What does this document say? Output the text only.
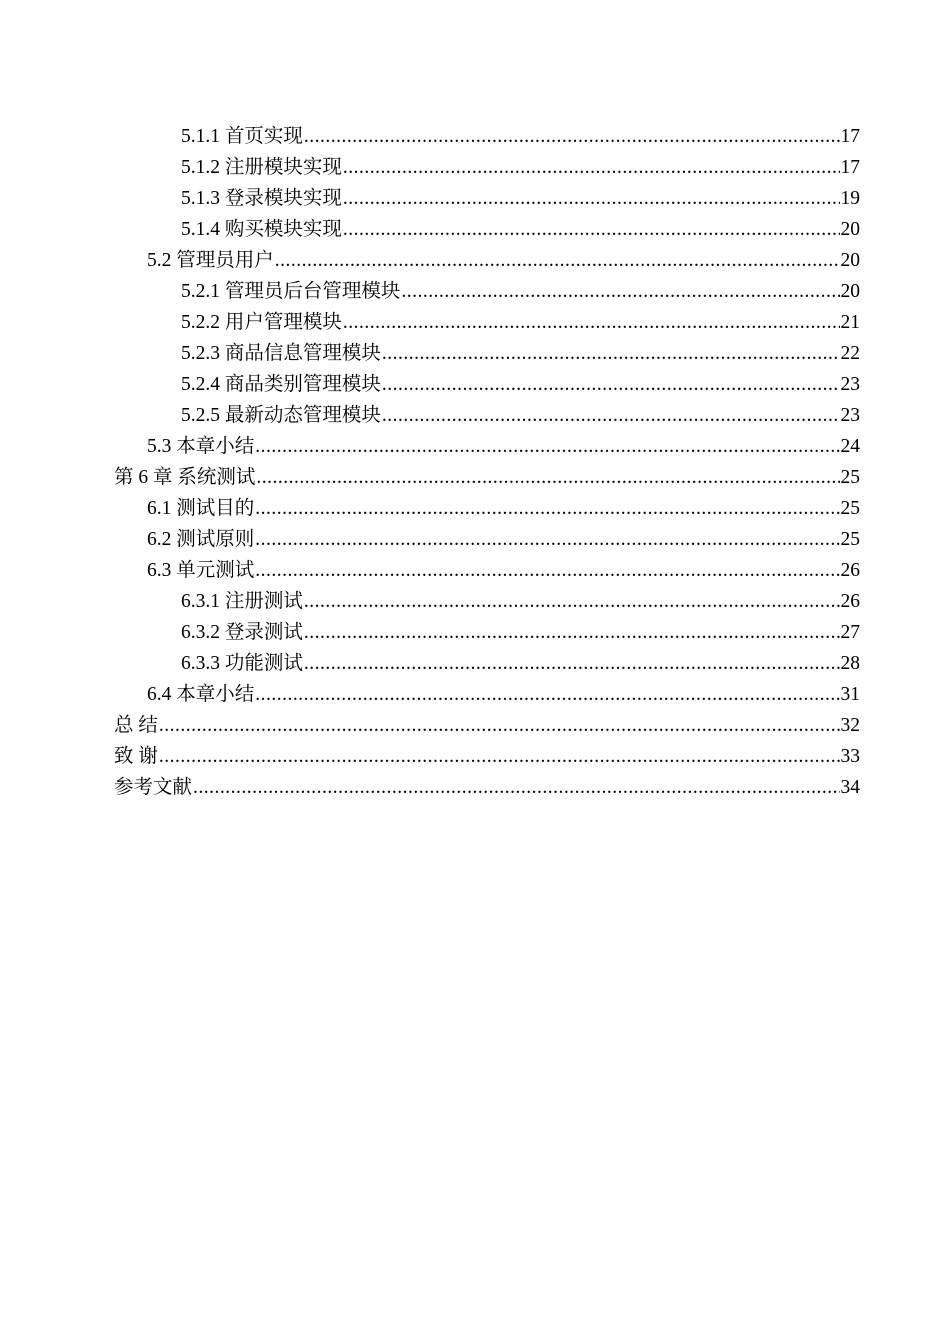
5.1.1 首页实现 .....	17
5.1.2 注册模块实现 .....	17
5.1.3 登录模块实现 .....	19
5.1.4 购买模块实现 .....	20
5.2 管理员用户 .....	20
5.2.1 管理员后台管理模块 .....	20
5.2.2 用户管理模块 .....	21
5.2.3 商品信息管理模块 .....	22
5.2.4 商品类别管理模块 .....	23
5.2.5 最新动态管理模块 .....	23
5.3 本章小结 .....	24
第 6 章 系统测试 .....	25
6.1 测试目的 .....	25
6.2 测试原则 .....	25
6.3 单元测试 .....	26
6.3.1 注册测试 .....	26
6.3.2 登录测试 .....	27
6.3.3 功能测试 .....	28
6.4 本章小结 .....	31
总 结 .....	32
致 谢 .....	33
参考文献 .....	34
